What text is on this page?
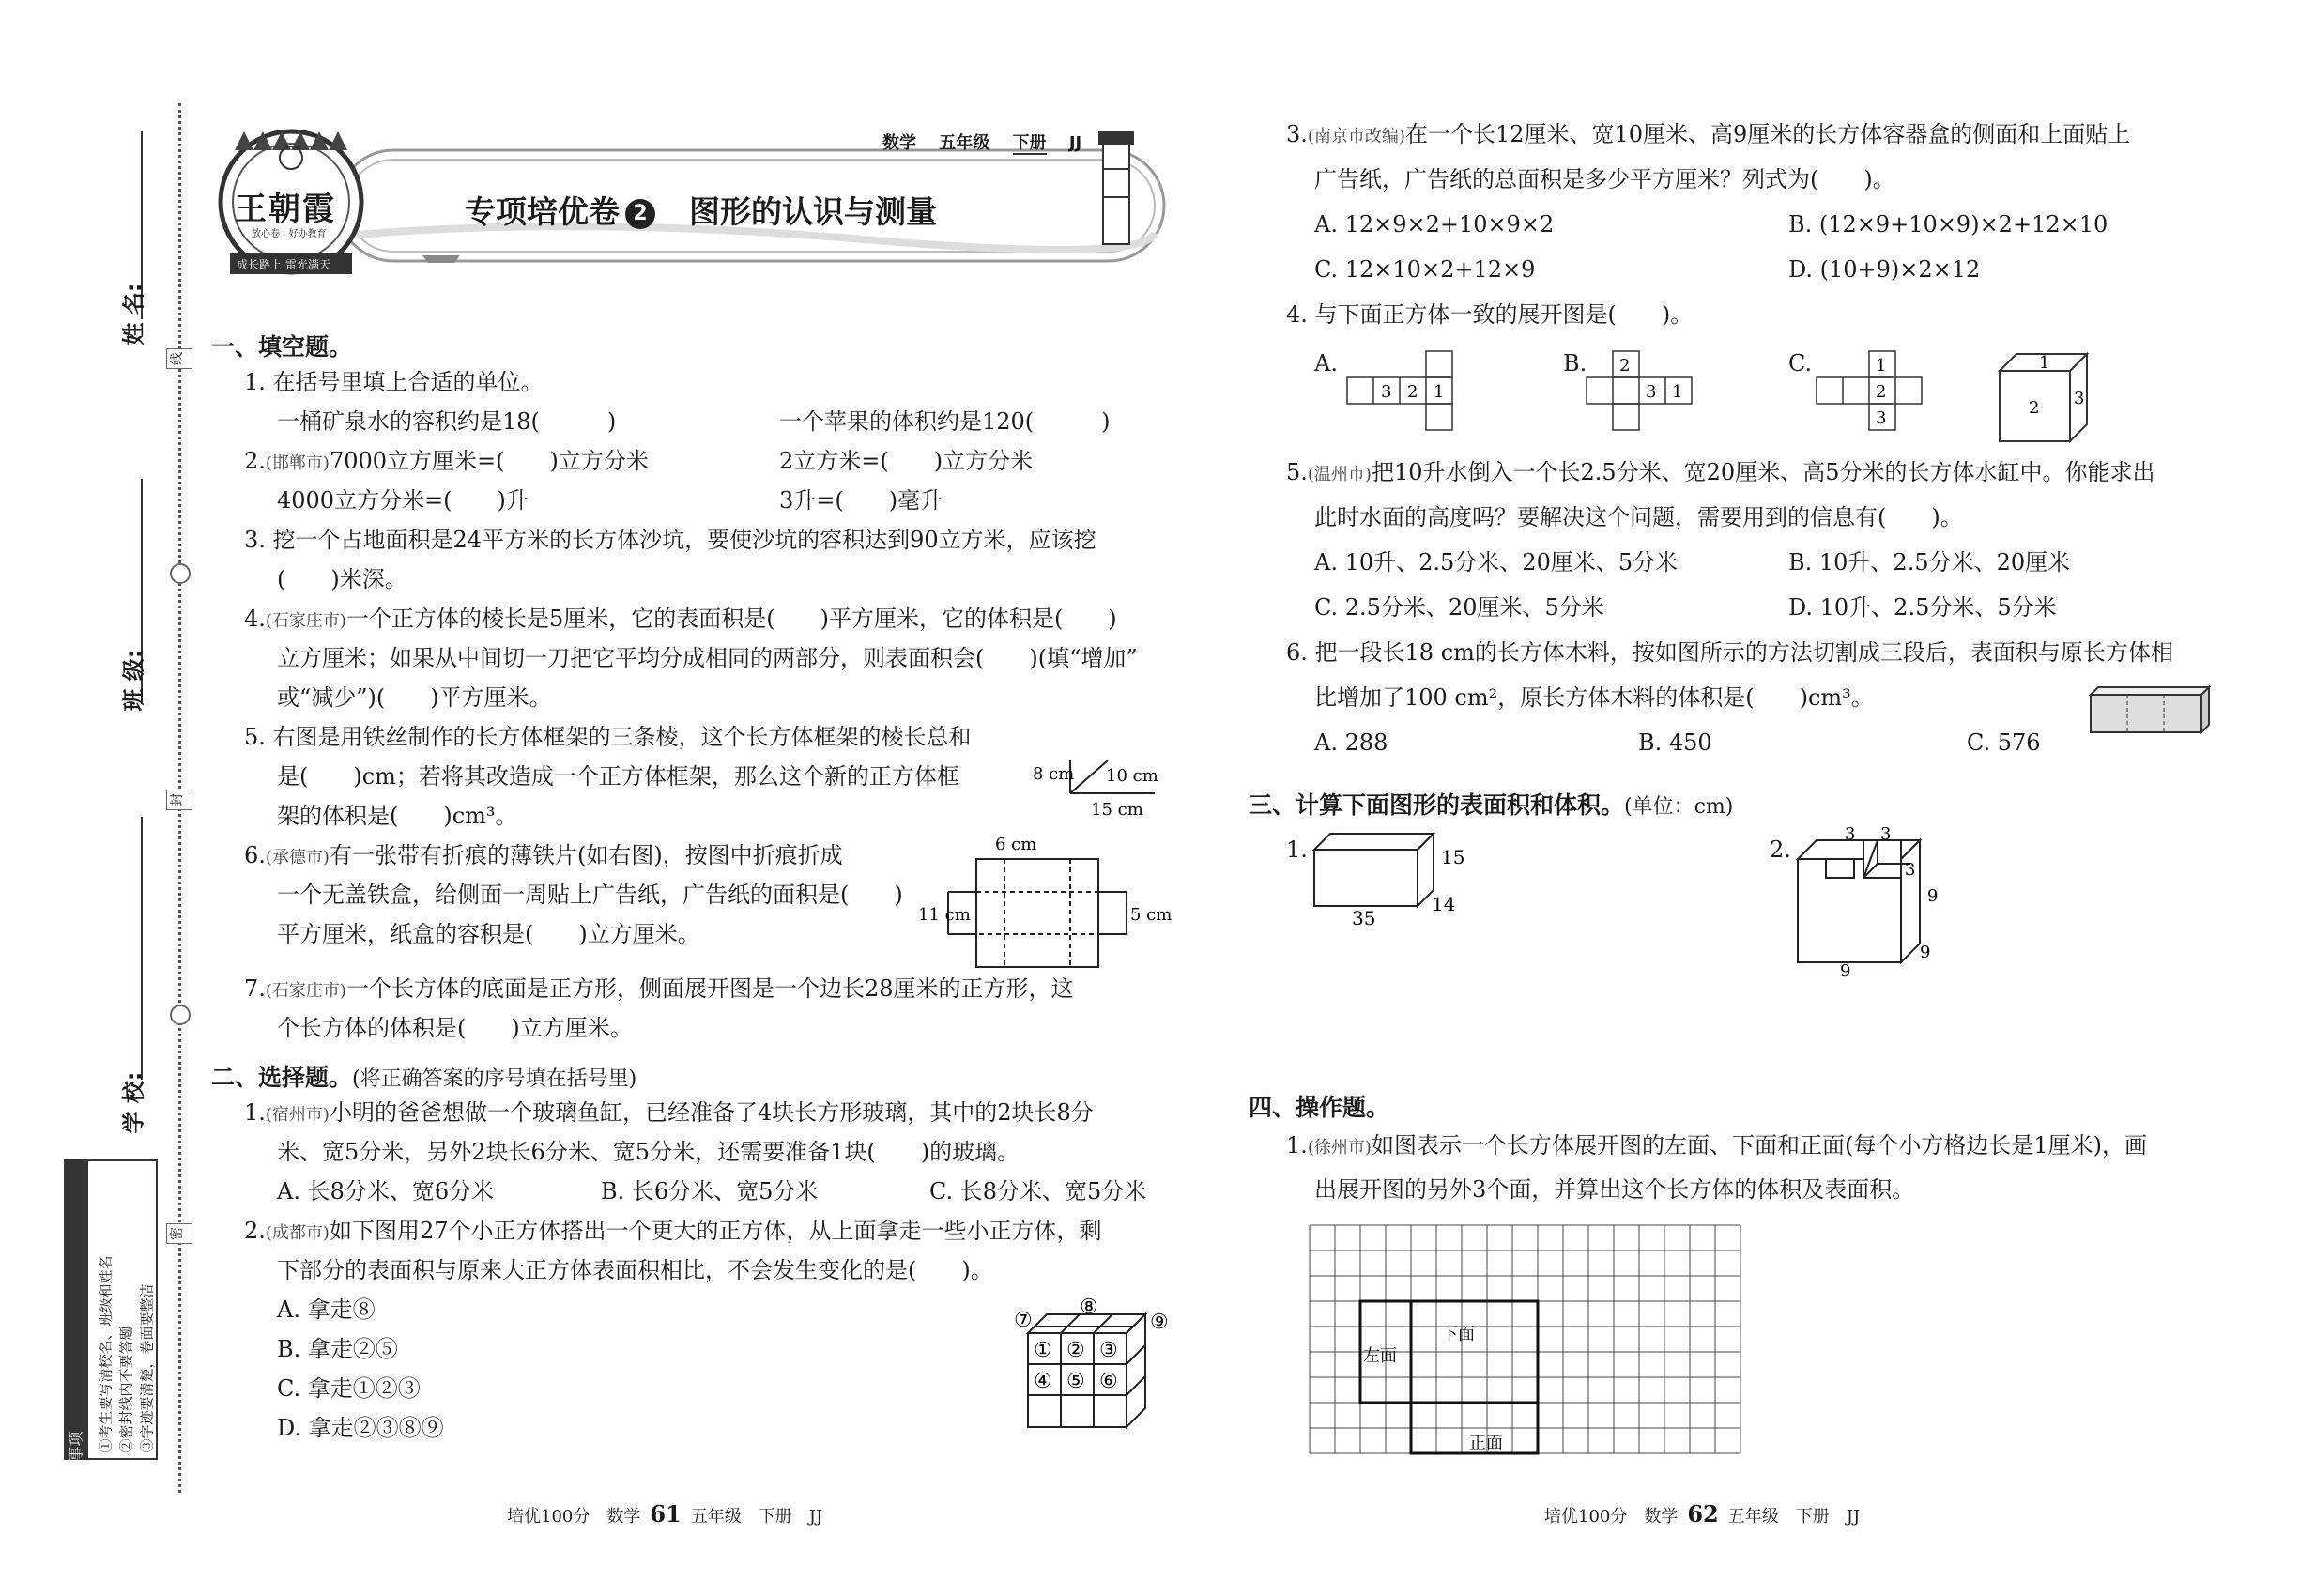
姓 名:
班 级:
学 校:
线
封
密
注意事项
①考生要写清校名、班级和姓名 ②密封线内不要答题 ③字迹要清楚，卷面要整洁
王朝霞
放心卷 · 好办教育
成长路上 雷光满天
数学 五年级 下册 JJ
专项培优卷 2 图形的认识与测量
一、填空题。
1. 在括号里填上合适的单位。
一桶矿泉水的容积约是18(　　　)	一个苹果的体积约是120(　　　)
2.(邯郸市)7000立方厘米=(　　)立方分米	2立方米=(　　)立方分米
4000立方分米=(　　)升	3升=(　　)毫升
3. 挖一个占地面积是24平方米的长方体沙坑，要使沙坑的容积达到90立方米，应该挖
(　　)米深。
4.(石家庄市)一个正方体的棱长是5厘米，它的表面积是(　　)平方厘米，它的体积是(　　)
立方厘米；如果从中间切一刀把它平均分成相同的两部分，则表面积会(　　)(填“增加”
或“减少”)(　　)平方厘米。
5. 右图是用铁丝制作的长方体框架的三条棱，这个长方体框架的棱长总和
是(　　)cm；若将其改造成一个正方体框架，那么这个新的正方体框
架的体积是(　　)cm³。
8 cm 10 cm
15 cm
6.(承德市)有一张带有折痕的薄铁片(如右图)，按图中折痕折成
一个无盖铁盒，给侧面一周贴上广告纸，广告纸的面积是(　　)
平方厘米，纸盒的容积是(　　)立方厘米。
6 cm
11 cm	5 cm
7.(石家庄市)一个长方体的底面是正方形，侧面展开图是一个边长28厘米的正方形，这
个长方体的体积是(　　)立方厘米。
二、选择题。(将正确答案的序号填在括号里)
1.(宿州市)小明的爸爸想做一个玻璃鱼缸，已经准备了4块长方形玻璃，其中的2块长8分
米、宽5分米，另外2块长6分米、宽5分米，还需要准备1块(　　)的玻璃。
A. 长8分米、宽6分米	B. 长6分米、宽5分米	C. 长8分米、宽5分米
2.(成都市)如下图用27个小正方体搭出一个更大的正方体，从上面拿走一些小正方体，剩
下部分的表面积与原来大正方体表面积相比，不会发生变化的是(　　)。
A. 拿走⑧
B. 拿走②⑤
C. 拿走①②③
D. 拿走②③⑧⑨
⑦
⑧
⑨
① ② ③
④ ⑤ ⑥
3.(南京市改编)在一个长12厘米、宽10厘米、高9厘米的长方体容器盒的侧面和上面贴上
广告纸，广告纸的总面积是多少平方厘米？列式为(　　)。
A. 12×9×2+10×9×2	B. (12×9+10×9)×2+12×10
C. 12×10×2+12×9	D. (10+9)×2×12
4. 与下面正方体一致的展开图是(　　)。
A.	B.	C.
3 2 1
2
3 1
1
2
3
1
2 3
5.(温州市)把10升水倒入一个长2.5分米、宽20厘米、高5分米的长方体水缸中。你能求出
此时水面的高度吗？要解决这个问题，需要用到的信息有(　　)。
A. 10升、2.5分米、20厘米、5分米	B. 10升、2.5分米、20厘米
C. 2.5分米、20厘米、5分米	D. 10升、2.5分米、5分米
6. 把一段长18 cm的长方体木料，按如图所示的方法切割成三段后，表面积与原长方体相
比增加了100 cm²，原长方体木料的体积是(　　)cm³。
A. 288	B. 450	C. 576
三、计算下面图形的表面积和体积。(单位：cm)
1.	15
35
14
2.
3 3
3
9
9
9
四、操作题。
1.(徐州市)如图表示一个长方体展开图的左面、下面和正面(每个小方格边长是1厘米)，画
出展开图的另外3个面，并算出这个长方体的体积及表面积。
左面
下面
正面
培优100分　数学 61 五年级　下册　JJ	培优100分　数学 62 五年级　下册　JJ
